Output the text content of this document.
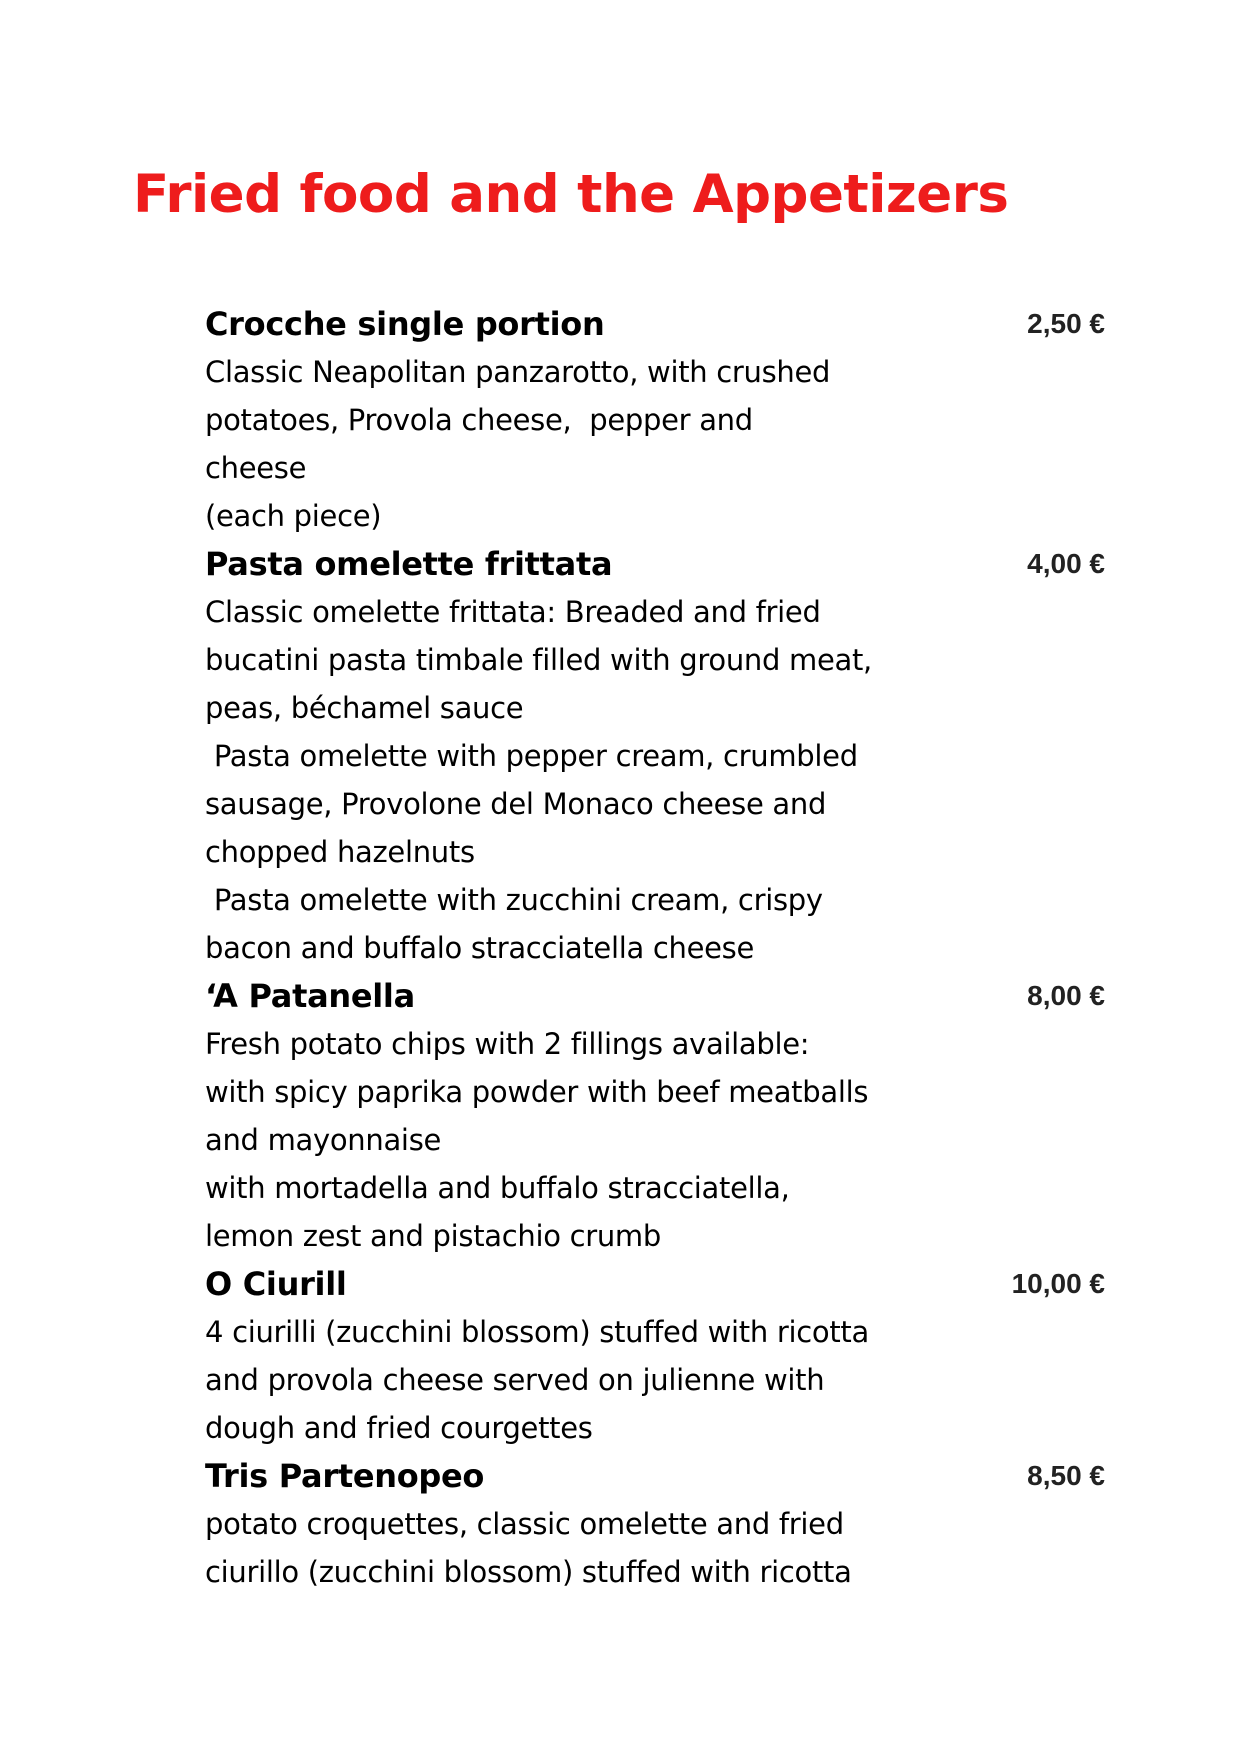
Fried food and the Appetizers
Crocche single portion	2,50 €
Classic Neapolitan panzarotto, with crushed
potatoes, Provola cheese,  pepper and
cheese
(each piece)
Pasta omelette frittata	4,00 €
Classic omelette frittata: Breaded and fried
bucatini pasta timbale filled with ground meat,
peas, béchamel sauce
Pasta omelette with pepper cream, crumbled
sausage, Provolone del Monaco cheese and
chopped hazelnuts
Pasta omelette with zucchini cream, crispy
bacon and buffalo stracciatella cheese
‘A Patanella	8,00 €
Fresh potato chips with 2 fillings available:
with spicy paprika powder with beef meatballs
and mayonnaise
with mortadella and buffalo stracciatella,
lemon zest and pistachio crumb
O Ciurill	10,00 €
4 ciurilli (zucchini blossom) stuffed with ricotta
and provola cheese served on julienne with
dough and fried courgettes
Tris Partenopeo	8,50 €
potato croquettes, classic omelette and fried
ciurillo (zucchini blossom) stuffed with ricotta
